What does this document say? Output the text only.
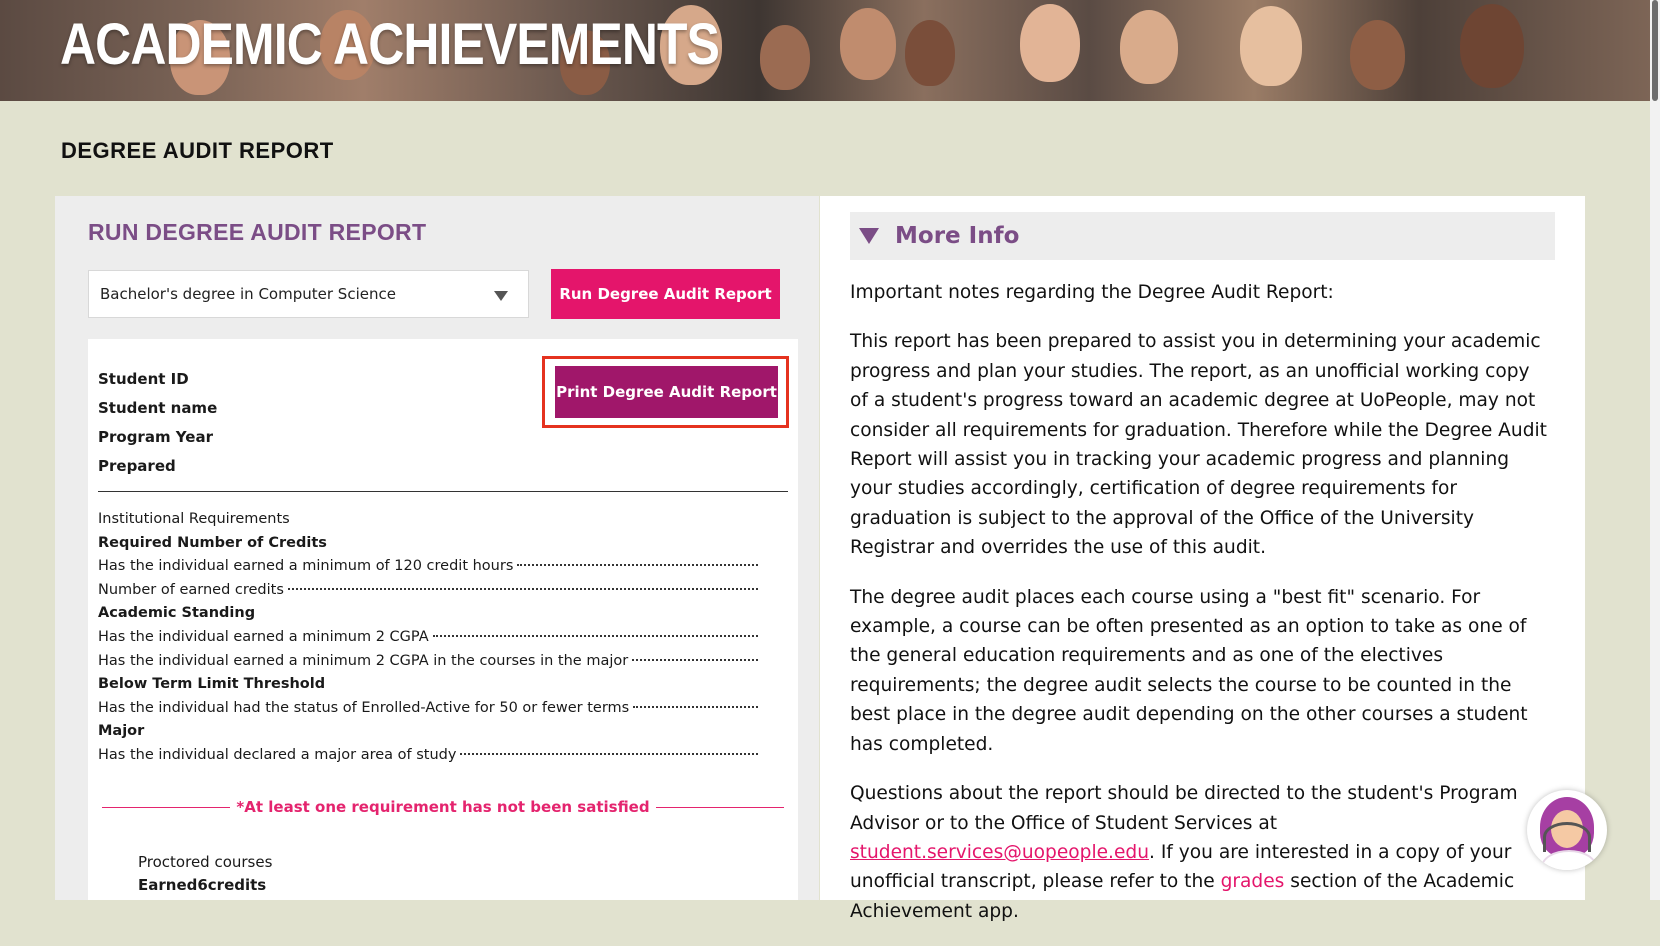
ACADEMIC ACHIEVEMENTS
DEGREE AUDIT REPORT
RUN DEGREE AUDIT REPORT
Bachelor's degree in Computer Science	Run Degree Audit Report
Student ID
Student name
Program Year
Prepared
Print Degree Audit Report
Institutional Requirements
Required Number of Credits
Has the individual earned a minimum of 120 credit hours
Number of earned credits
Academic Standing
Has the individual earned a minimum 2 CGPA
Has the individual earned a minimum 2 CGPA in the courses in the major
Below Term Limit Threshold
Has the individual had the status of Enrolled-Active for 50 or fewer terms
Major
Has the individual declared a major area of study
*At least one requirement has not been satisfied
Proctored courses
Earned6credits
More Info

Important notes regarding the Degree Audit Report:

This report has been prepared to assist you in determining your academic progress and plan your studies. The report, as an unofficial working copy of a student's progress toward an academic degree at UoPeople, may not consider all requirements for graduation. Therefore while the Degree Audit Report will assist you in tracking your academic progress and planning your studies accordingly, certification of degree requirements for graduation is subject to the approval of the Office of the University Registrar and overrides the use of this audit.

The degree audit places each course using a "best fit" scenario. For example, a course can be often presented as an option to take as one of the general education requirements and as one of the electives requirements; the degree audit selects the course to be counted in the best place in the degree audit depending on the other courses a student has completed.

Questions about the report should be directed to the student's Program Advisor or to the Office of Student Services at student.services@uopeople.edu. If you are interested in a copy of your unofficial transcript, please refer to the grades section of the Academic Achievement app.
